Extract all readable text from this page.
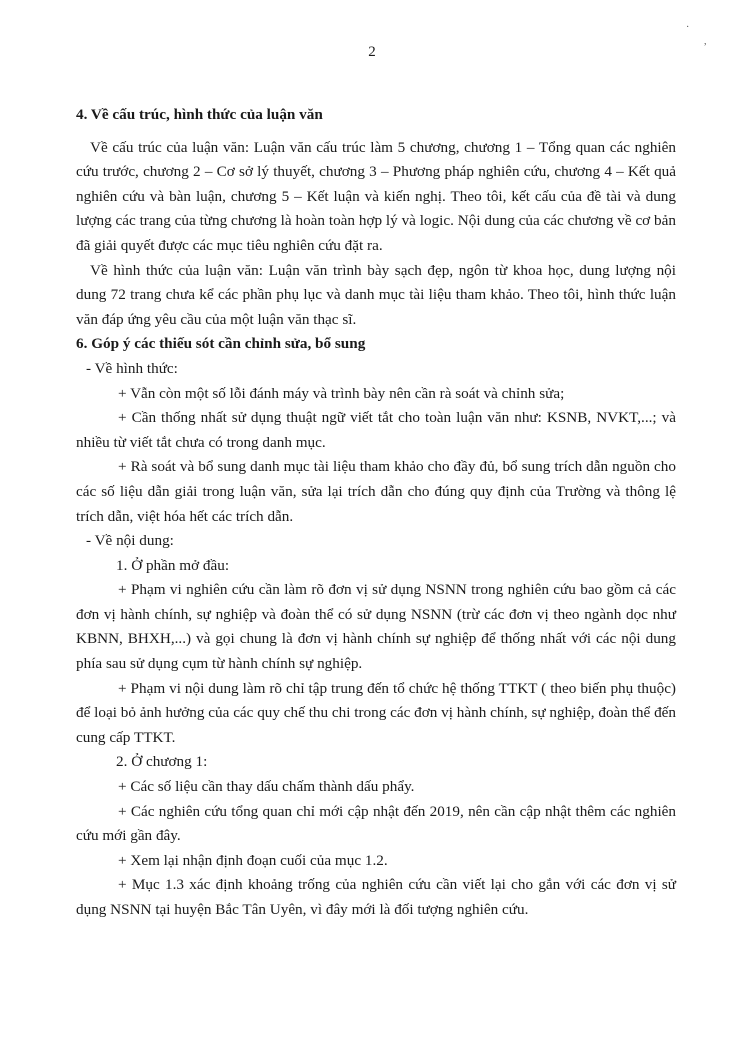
·
,
2
4. Về cấu trúc, hình thức của luận văn
Về cấu trúc của luận văn: Luận văn cấu trúc làm 5 chương, chương 1 – Tổng quan các nghiên cứu trước, chương 2 – Cơ sở lý thuyết, chương 3 – Phương pháp nghiên cứu, chương 4 – Kết quả nghiên cứu và bàn luận, chương 5 – Kết luận và kiến nghị. Theo tôi, kết cấu của đề tài và dung lượng các trang của từng chương là hoàn toàn hợp lý và logic. Nội dung của các chương về cơ bản đã giải quyết được các mục tiêu nghiên cứu đặt ra.
Về hình thức của luận văn: Luận văn trình bày sạch đẹp, ngôn từ khoa học, dung lượng nội dung 72 trang chưa kể các phần phụ lục và danh mục tài liệu tham khảo. Theo tôi, hình thức luận văn đáp ứng yêu cầu của một luận văn thạc sĩ.
6. Góp ý các thiếu sót cần chỉnh sửa, bổ sung
- Về hình thức:
+ Vẫn còn một số lỗi đánh máy và trình bày nên cần rà soát và chỉnh sửa;
+ Cần thống nhất sử dụng thuật ngữ viết tắt cho toàn luận văn như: KSNB, NVKT,...; và nhiều từ viết tắt chưa có trong danh mục.
+ Rà soát và bổ sung danh mục tài liệu tham khảo cho đầy đủ, bổ sung trích dẫn nguồn cho các số liệu dẫn giải trong luận văn, sửa lại trích dẫn cho đúng quy định của Trường và thông lệ trích dẫn, việt hóa hết các trích dẫn.
- Về nội dung:
1. Ở phần mở đầu:
+ Phạm vi nghiên cứu cần làm rõ đơn vị sử dụng NSNN trong nghiên cứu bao gồm cả các đơn vị hành chính, sự nghiệp và đoàn thể có sử dụng NSNN (trừ các đơn vị theo ngành dọc như KBNN, BHXH,...) và gọi chung là đơn vị hành chính sự nghiệp để thống nhất với các nội dung phía sau sử dụng cụm từ hành chính sự nghiệp.
+ Phạm vi nội dung làm rõ chỉ tập trung đến tổ chức hệ thống TTKT ( theo biến phụ thuộc) để loại bỏ ảnh hưởng của các quy chế thu chi trong các đơn vị hành chính, sự nghiệp, đoàn thể đến cung cấp TTKT.
2. Ở chương 1:
+ Các số liệu cần thay dấu chấm thành dấu phẩy.
+ Các nghiên cứu tổng quan chỉ mới cập nhật đến 2019, nên cần cập nhật thêm các nghiên cứu mới gần đây.
+ Xem lại nhận định đoạn cuối của mục 1.2.
+ Mục 1.3 xác định khoảng trống của nghiên cứu cần viết lại cho gắn với các đơn vị sử dụng NSNN tại huyện Bắc Tân Uyên, vì đây mới là đối tượng nghiên cứu.
